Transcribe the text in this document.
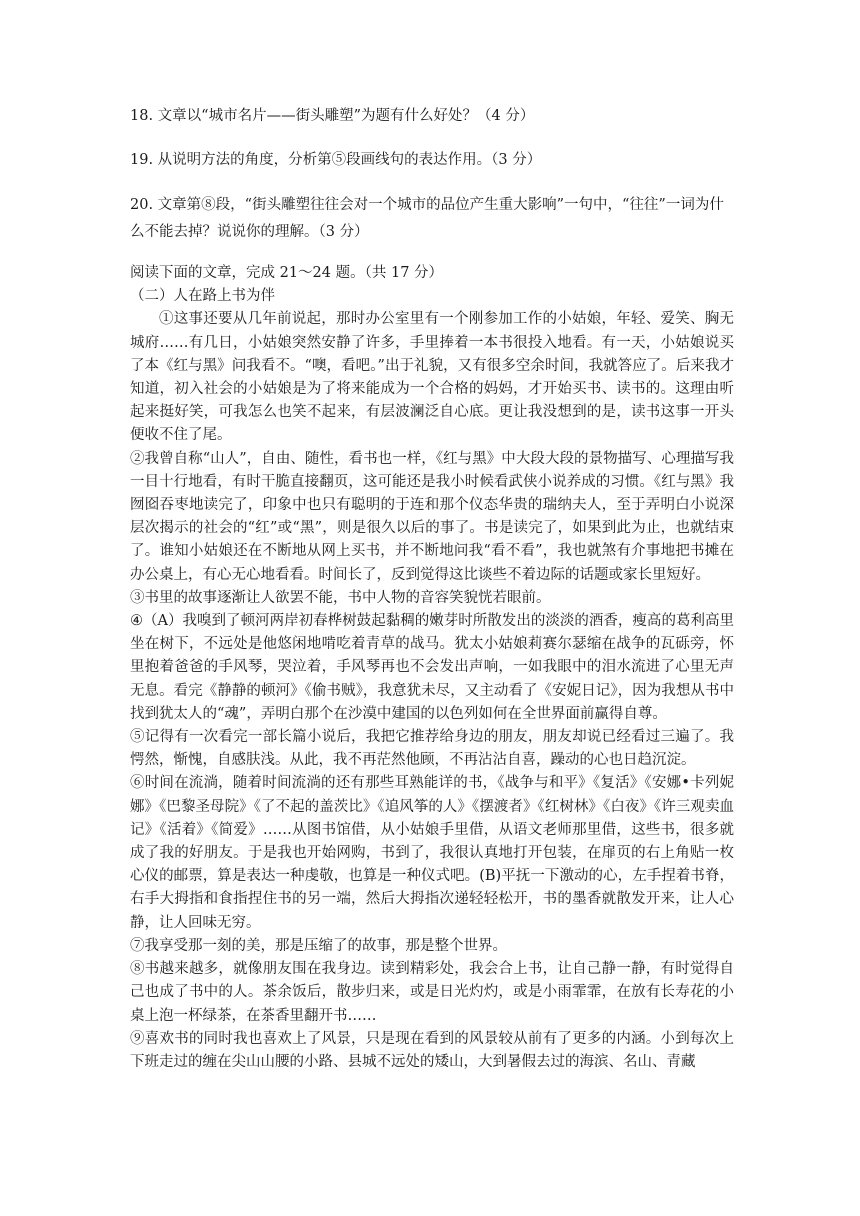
18. 文章以“城市名片——街头雕塑”为题有什么好处？（4 分）

19. 从说明方法的角度，分析第⑤段画线句的表达作用。（3 分）

20. 文章第⑧段，“街头雕塑往往会对一个城市的品位产生重大影响”一句中，“往往”一词为什么不能去掉？说说你的理解。（3 分）

阅读下面的文章，完成 21～24 题。（共 17 分）

（二）人在路上书为伴

①这事还要从几年前说起，那时办公室里有一个刚参加工作的小姑娘，年轻、爱笑、胸无城府……有几日，小姑娘突然安静了许多，手里捧着一本书很投入地看。有一天，小姑娘说买了本《红与黑》问我看不。“噢，看吧。”出于礼貌，又有很多空余时间，我就答应了。后来我才知道，初入社会的小姑娘是为了将来能成为一个合格的妈妈，才开始买书、读书的。这理由听起来挺好笑，可我怎么也笑不起来，有层波澜泛自心底。更让我没想到的是，读书这事一开头便收不住了尾。

②我曾自称“山人”，自由、随性，看书也一样，《红与黑》中大段大段的景物描写、心理描写我一目十行地看，有时干脆直接翻页，这可能还是我小时候看武侠小说养成的习惯。《红与黑》我囫囵吞枣地读完了，印象中也只有聪明的于连和那个仪态华贵的瑞纳夫人，至于弄明白小说深层次揭示的社会的“红”或“黑”，则是很久以后的事了。书是读完了，如果到此为止，也就结束了。谁知小姑娘还在不断地从网上买书，并不断地问我“看不看”，我也就煞有介事地把书摊在办公桌上，有心无心地看看。时间长了，反到觉得这比谈些不着边际的话题或家长里短好。

③书里的故事逐渐让人欲罢不能，书中人物的音容笑貌恍若眼前。

④（A）我嗅到了顿河两岸初春桦树鼓起黏稠的嫩芽时所散发出的淡淡的酒香，瘦高的葛利高里坐在树下，不远处是他悠闲地啃吃着青草的战马。犹太小姑娘莉赛尔瑟缩在战争的瓦砾旁，怀里抱着爸爸的手风琴，哭泣着，手风琴再也不会发出声响，一如我眼中的泪水流进了心里无声无息。看完《静静的顿河》《偷书贼》，我意犹未尽，又主动看了《安妮日记》，因为我想从书中找到犹太人的“魂”，弄明白那个在沙漠中建国的以色列如何在全世界面前赢得自尊。

⑤记得有一次看完一部长篇小说后，我把它推荐给身边的朋友，朋友却说已经看过三遍了。我愕然，惭愧，自感肤浅。从此，我不再茫然他顾，不再沾沾自喜，躁动的心也日趋沉淀。

⑥时间在流淌，随着时间流淌的还有那些耳熟能详的书，《战争与和平》《复活》《安娜•卡列妮娜》《巴黎圣母院》《了不起的盖茨比》《追风筝的人》《摆渡者》《红树林》《白夜》《许三观卖血记》《活着》《简爱》……从图书馆借，从小姑娘手里借，从语文老师那里借，这些书，很多就成了我的好朋友。于是我也开始网购，书到了，我很认真地打开包装，在扉页的右上角贴一枚心仪的邮票，算是表达一种虔敬，也算是一种仪式吧。(B)平抚一下激动的心，左手捏着书脊，右手大拇指和食指捏住书的另一端，然后大拇指次递轻轻松开，书的墨香就散发开来，让人心静，让人回味无穷。

⑦我享受那一刻的美，那是压缩了的故事，那是整个世界。

⑧书越来越多，就像朋友围在我身边。读到精彩处，我会合上书，让自己静一静，有时觉得自己也成了书中的人。茶余饭后，散步归来，或是日光灼灼，或是小雨霏霏，在放有长寿花的小桌上泡一杯绿茶，在茶香里翻开书……

⑨喜欢书的同时我也喜欢上了风景，只是现在看到的风景较从前有了更多的内涵。小到每次上下班走过的缠在尖山山腰的小路、县城不远处的矮山，大到暑假去过的海滨、名山、青藏
